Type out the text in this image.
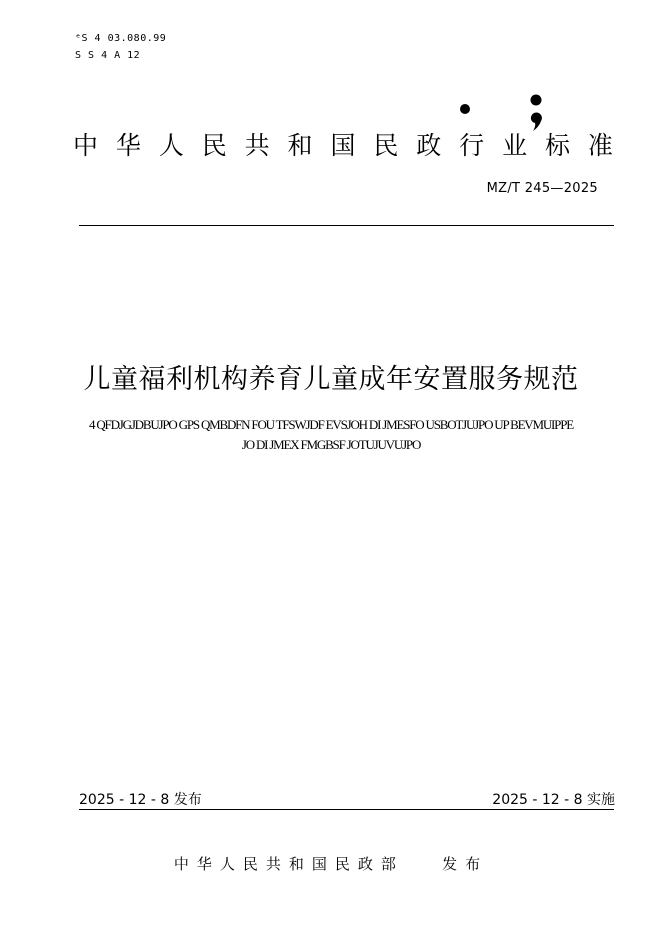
ᵉS 4 03.080.99
S S 4 A 12
中 华 人 民 共 和 国 民 政 行 业 标 准
MZ/T 245—2025
儿童福利机构养育儿童成年安置服务规范
4 QFDJGJDBUJPO GPS QMBDFN FOU TFSWJDF EVSJOH DI JMESFO USBOTJUJPO UP BEVMUIPPE
JO DI JMEX FMGBSF JOTUJUVUJPO
2025 - 12 - 8 发布	2025 - 12 - 8 实施
中华人民共和国民政部   发布
